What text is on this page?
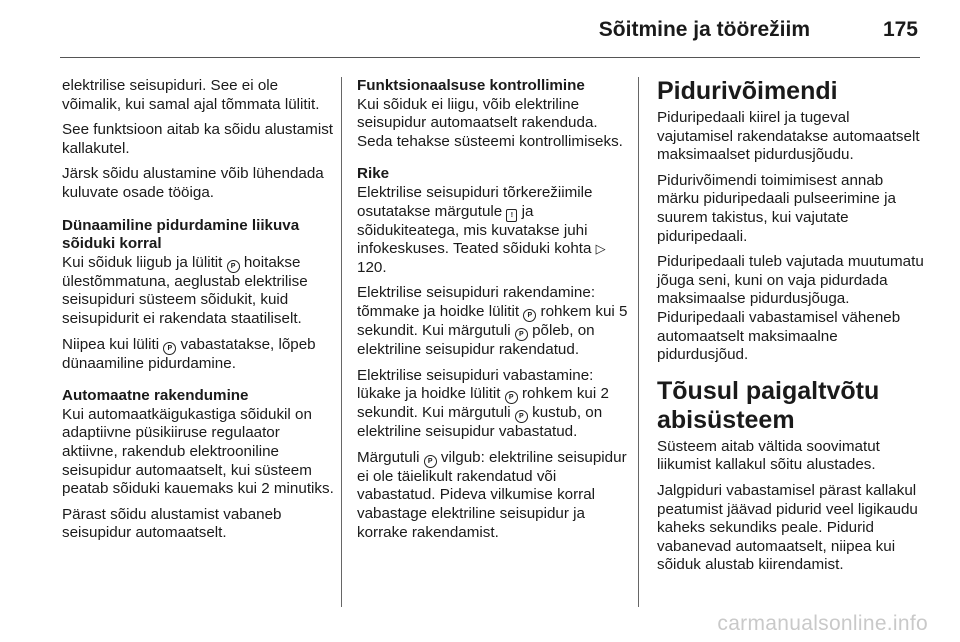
Sõitmine ja töörežiim	175

elektrilise seisupiduri. See ei ole võimalik, kui samal ajal tõmmata lülitit.

See funktsioon aitab ka sõidu alustamist kallakutel.

Järsk sõidu alustamine võib lühendada kuluvate osade tööiga.

Dünaamiline pidurdamine liikuva sõiduki korral

Kui sõiduk liigub ja lülitit P hoitakse ülestõmmatuna, aeglustab elektrilise seisupiduri süsteem sõidukit, kuid seisupidurit ei rakendata staatiliselt.

Niipea kui lüliti P vabastatakse, lõpeb dünaamiline pidurdamine.

Automaatne rakendumine

Kui automaatkäigukastiga sõidukil on adaptiivne püsikiiruse regulaator aktiivne, rakendub elektrooniline seisupidur automaatselt, kui süsteem peatab sõiduki kauemaks kui 2 minutiks.

Pärast sõidu alustamist vabaneb seisupidur automaatselt.

Funktsionaalsuse kontrollimine

Kui sõiduk ei liigu, võib elektriline seisupidur automaatselt rakenduda. Seda tehakse süsteemi kontrollimiseks.

Rike

Elektrilise seisupiduri tõrkerežiimile osutatakse märgutule ! ja sõidukiteatega, mis kuvatakse juhi infokeskuses. Teated sõiduki kohta ▷ 120.

Elektrilise seisupiduri rakendamine: tõmmake ja hoidke lülitit P rohkem kui 5 sekundit. Kui märgutuli P põleb, on elektriline seisupidur rakendatud.

Elektrilise seisupiduri vabastamine: lükake ja hoidke lülitit P rohkem kui 2 sekundit. Kui märgutuli P kustub, on elektriline seisupidur vabastatud.

Märgutuli P vilgub: elektriline seisupidur ei ole täielikult rakendatud või vabastatud. Pideva vilkumise korral vabastage elektriline seisupidur ja korrake rakendamist.

Pidurivõimendi

Piduripedaali kiirel ja tugeval vajutamisel rakendatakse automaatselt maksimaalset pidurdusjõudu.

Pidurivõimendi toimimisest annab märku piduripedaali pulseerimine ja suurem takistus, kui vajutate piduripedaali.

Piduripedaali tuleb vajutada muutumatu jõuga seni, kuni on vaja pidurdada maksimaalse pidurdusjõuga. Piduripedaali vabastamisel väheneb automaatselt maksimaalne pidurdusjõud.

Tõusul paigaltvõtu abisüsteem

Süsteem aitab vältida soovimatut liikumist kallakul sõitu alustades.

Jalgpiduri vabastamisel pärast kallakul peatumist jäävad pidurid veel ligikaudu kaheks sekundiks peale. Pidurid vabanevad automaatselt, niipea kui sõiduk alustab kiirendamist.

carmanualsonline.info
